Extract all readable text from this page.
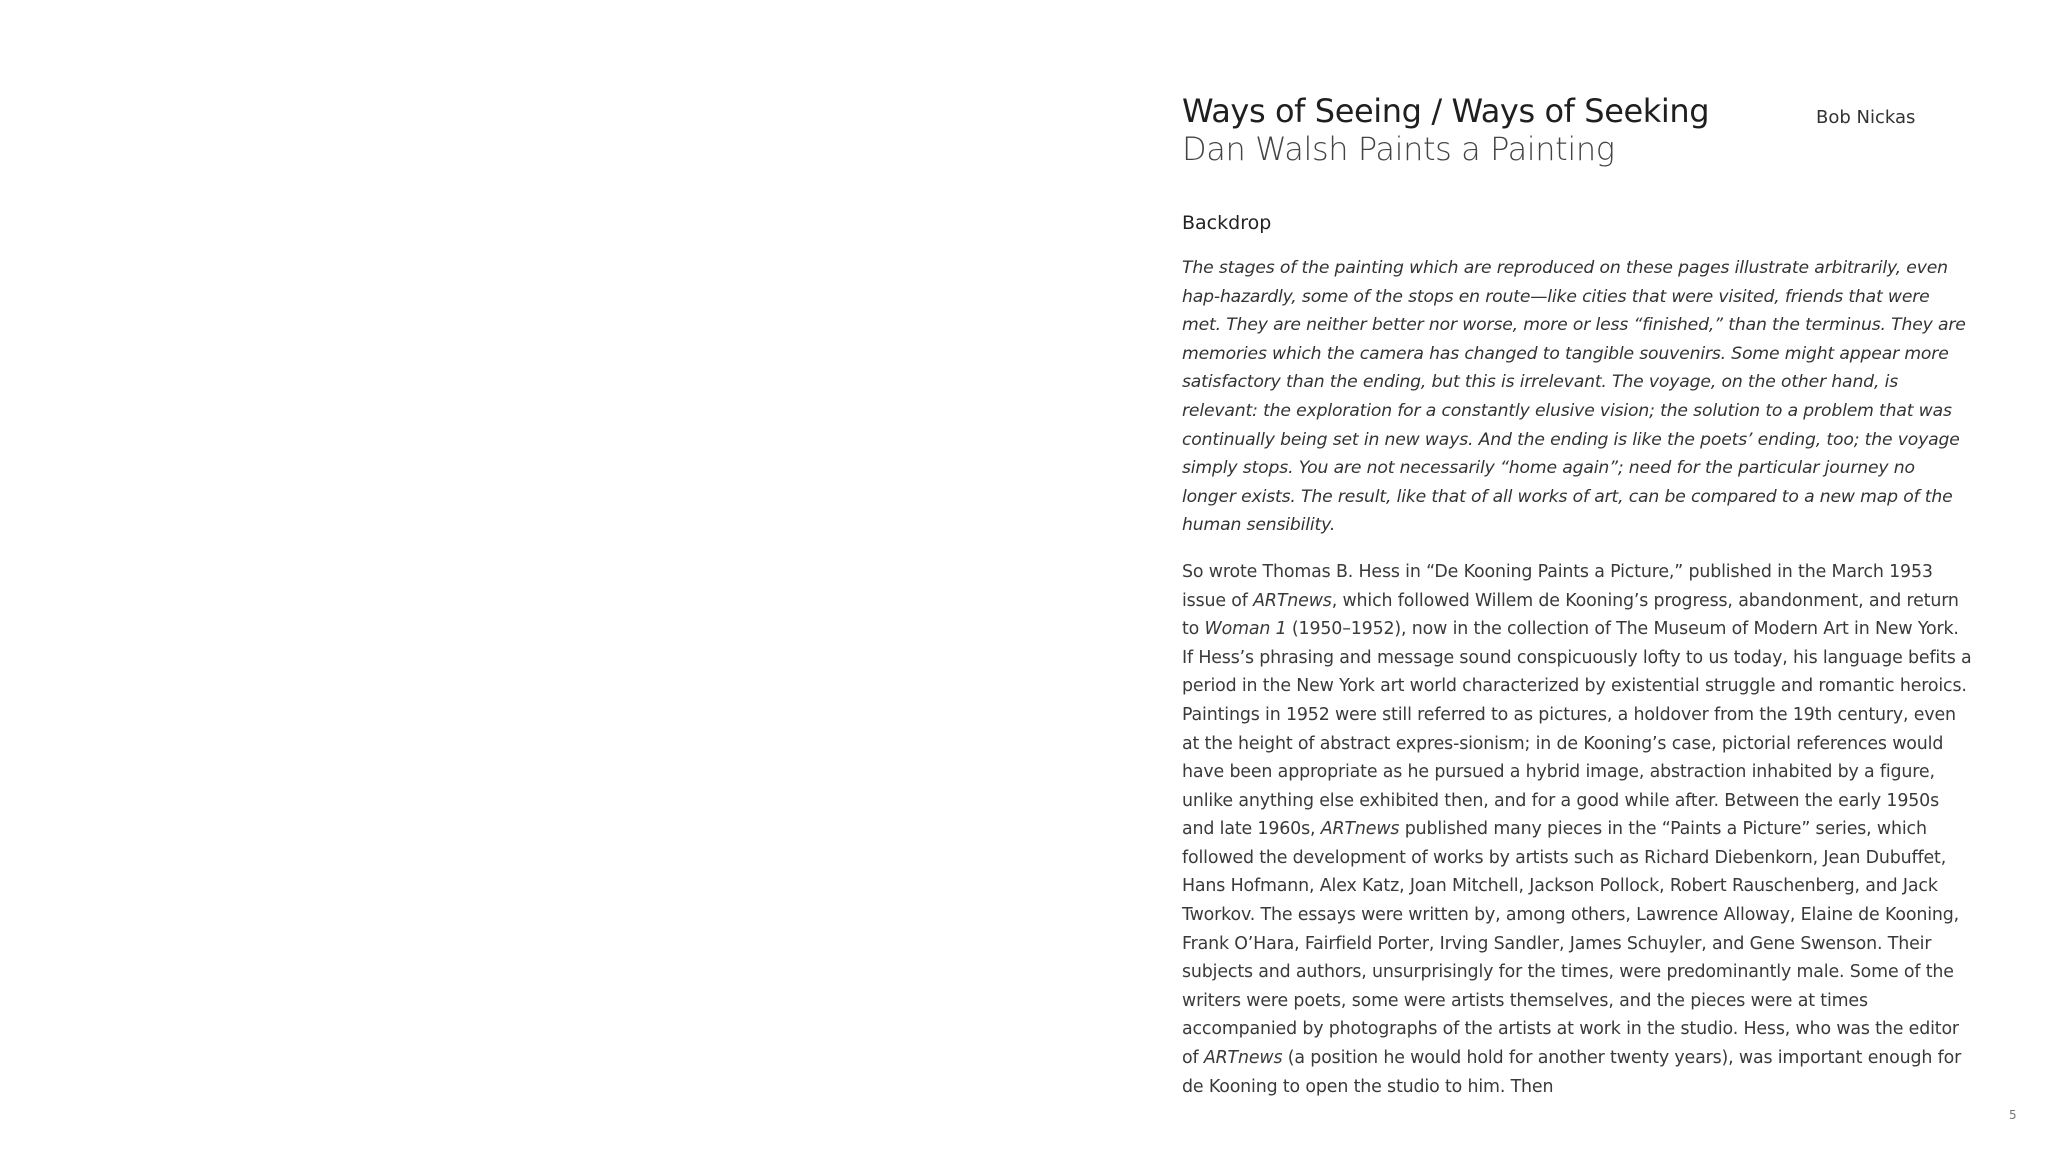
Ways of Seeing / Ways of Seeking
Dan Walsh Paints a Painting
Backdrop

The stages of the painting which are reproduced on these pages illustrate arbitrarily, even hap-hazardly, some of the stops en route—like cities that were visited, friends that were met. They are neither better nor worse, more or less “finished,” than the terminus. They are memories which the camera has changed to tangible souvenirs. Some might appear more satisfactory than the ending, but this is irrelevant. The voyage, on the other hand, is relevant: the exploration for a constantly elusive vision; the solution to a problem that was continually being set in new ways. And the ending is like the poets’ ending, too; the voyage simply stops. You are not necessarily “home again”; need for the particular journey no longer exists. The result, like that of all works of art, can be compared to a new map of the human sensibility.

So wrote Thomas B. Hess in “De Kooning Paints a Picture,” published in the March 1953 issue of ARTnews, which followed Willem de Kooning’s progress, abandonment, and return to Woman 1 (1950–1952), now in the collection of The Museum of Modern Art in New York. If Hess’s phrasing and message sound conspicuously lofty to us today, his language befits a period in the New York art world characterized by existential struggle and romantic heroics. Paintings in 1952 were still referred to as pictures, a holdover from the 19th century, even at the height of abstract expres-sionism; in de Kooning’s case, pictorial references would have been appropriate as he pursued a hybrid image, abstraction inhabited by a figure, unlike anything else exhibited then, and for a good while after. Between the early 1950s and late 1960s, ARTnews published many pieces in the “Paints a Picture” series, which followed the development of works by artists such as Richard Diebenkorn, Jean Dubuffet, Hans Hofmann, Alex Katz, Joan Mitchell, Jackson Pollock, Robert Rauschenberg, and Jack Tworkov. The essays were written by, among others, Lawrence Alloway, Elaine de Kooning, Frank O’Hara, Fairfield Porter, Irving Sandler, James Schuyler, and Gene Swenson. Their subjects and authors, unsurprisingly for the times, were predominantly male. Some of the writers were poets, some were artists themselves, and the pieces were at times accompanied by photographs of the artists at work in the studio. Hess, who was the editor of ARTnews (a position he would hold for another twenty years), was important enough for de Kooning to open the studio to him. Then

Bob Nickas
5
